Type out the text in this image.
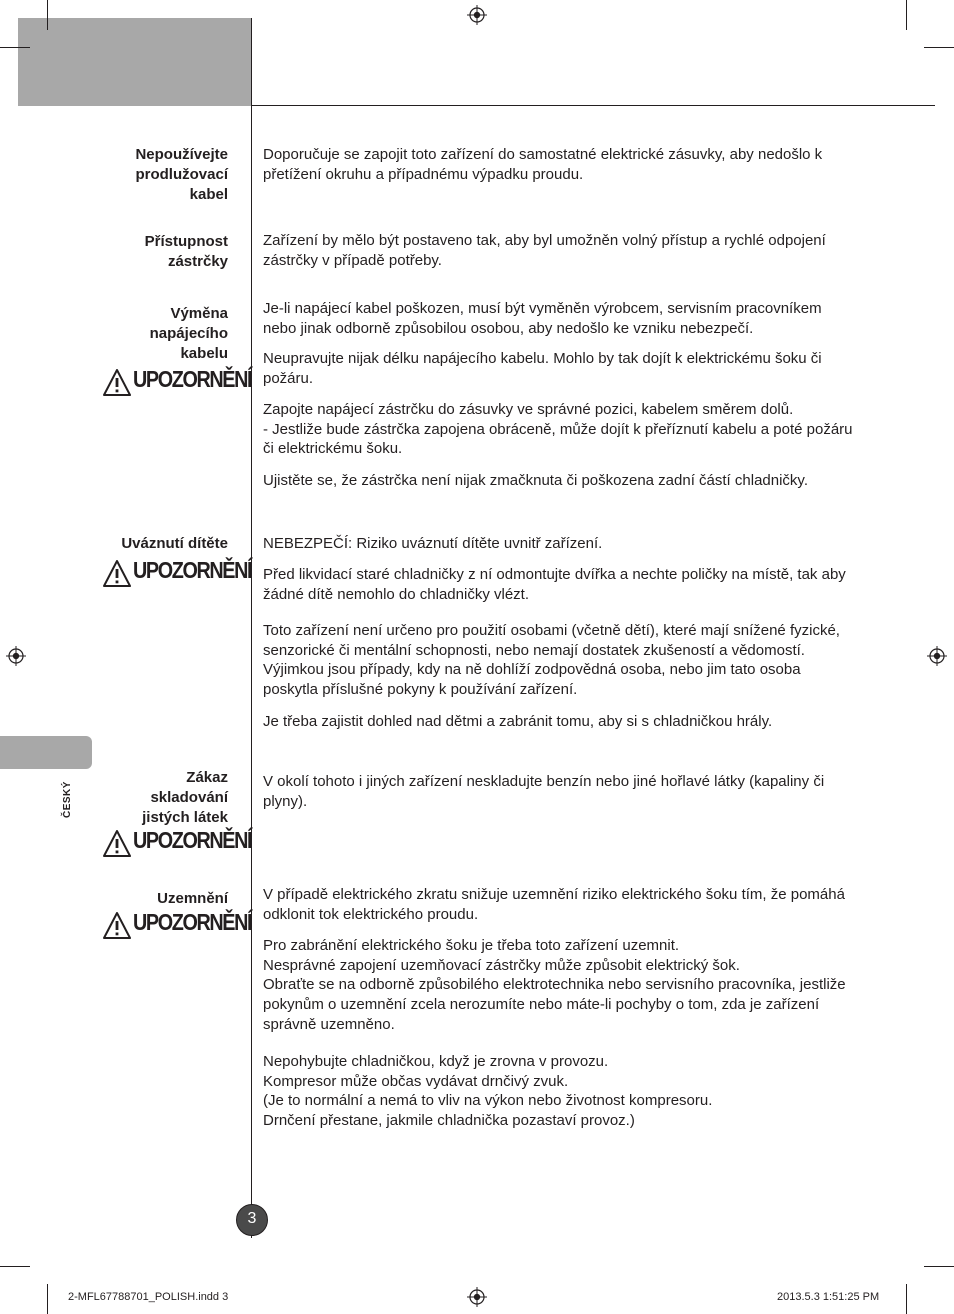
ČESKÝ
Nepoužívejte
prodlužovací
kabel
Přístupnost
zástrčky
Výměna
napájecího
kabelu
Uváznutí dítěte
Zákaz
skladování
jistých látek
Uzemnění
UPOZORNĚNÍ
UPOZORNĚNÍ
UPOZORNĚNÍ
UPOZORNĚNÍ
Doporučuje se zapojit toto zařízení do samostatné elektrické zásuvky, aby nedošlo k
přetížení okruhu a případnému výpadku proudu.
Zařízení by mělo být postaveno tak, aby byl umožněn volný přístup a rychlé odpojení
zástrčky v případě potřeby.
Je-li napájecí kabel poškozen, musí být vyměněn výrobcem, servisním pracovníkem
nebo jinak odborně způsobilou osobou, aby nedošlo ke vzniku nebezpečí.
Neupravujte nijak délku napájecího kabelu. Mohlo by tak dojít k elektrickému šoku či
požáru.
Zapojte napájecí zástrčku do zásuvky ve správné pozici, kabelem směrem dolů.
- Jestliže bude zástrčka zapojena obráceně, může dojít k přeříznutí kabelu a poté požáru
či elektrickému šoku.
Ujistěte se, že zástrčka není nijak zmačknuta či poškozena zadní částí chladničky.
NEBEZPEČÍ: Riziko uváznutí dítěte uvnitř zařízení.
Před likvidací staré chladničky z ní odmontujte dvířka a nechte poličky na místě, tak aby
žádné dítě nemohlo do chladničky vlézt.
Toto zařízení není určeno pro použití osobami (včetně dětí), které mají snížené fyzické,
senzorické či mentální schopnosti, nebo nemají dostatek zkušeností a vědomostí.
Výjimkou jsou případy, kdy na ně dohlíží zodpovědná osoba, nebo jim tato osoba
poskytla příslušné pokyny k používání zařízení.
Je třeba zajistit dohled nad dětmi a zabránit tomu, aby si s chladničkou hrály.
V okolí tohoto i jiných zařízení neskladujte benzín nebo jiné hořlavé látky (kapaliny či
plyny).
V případě elektrického zkratu snižuje uzemnění riziko elektrického šoku tím, že pomáhá
odklonit tok elektrického proudu.
Pro zabránění elektrického šoku je třeba toto zařízení uzemnit.
Nesprávné zapojení uzemňovací zástrčky může způsobit elektrický šok.
Obraťte se na odborně způsobilého elektrotechnika nebo servisního pracovníka, jestliže
pokynům o uzemnění zcela nerozumíte nebo máte-li pochyby o tom, zda je zařízení
správně uzemněno.
Nepohybujte chladničkou, když je zrovna v provozu.
Kompresor může občas vydávat drnčivý zvuk.
(Je to normální a nemá to vliv na výkon nebo životnost kompresoru.
Drnčení přestane, jakmile chladnička pozastaví provoz.)
3
2-MFL67788701_POLISH.indd 3	2013.5.3 1:51:25 PM
